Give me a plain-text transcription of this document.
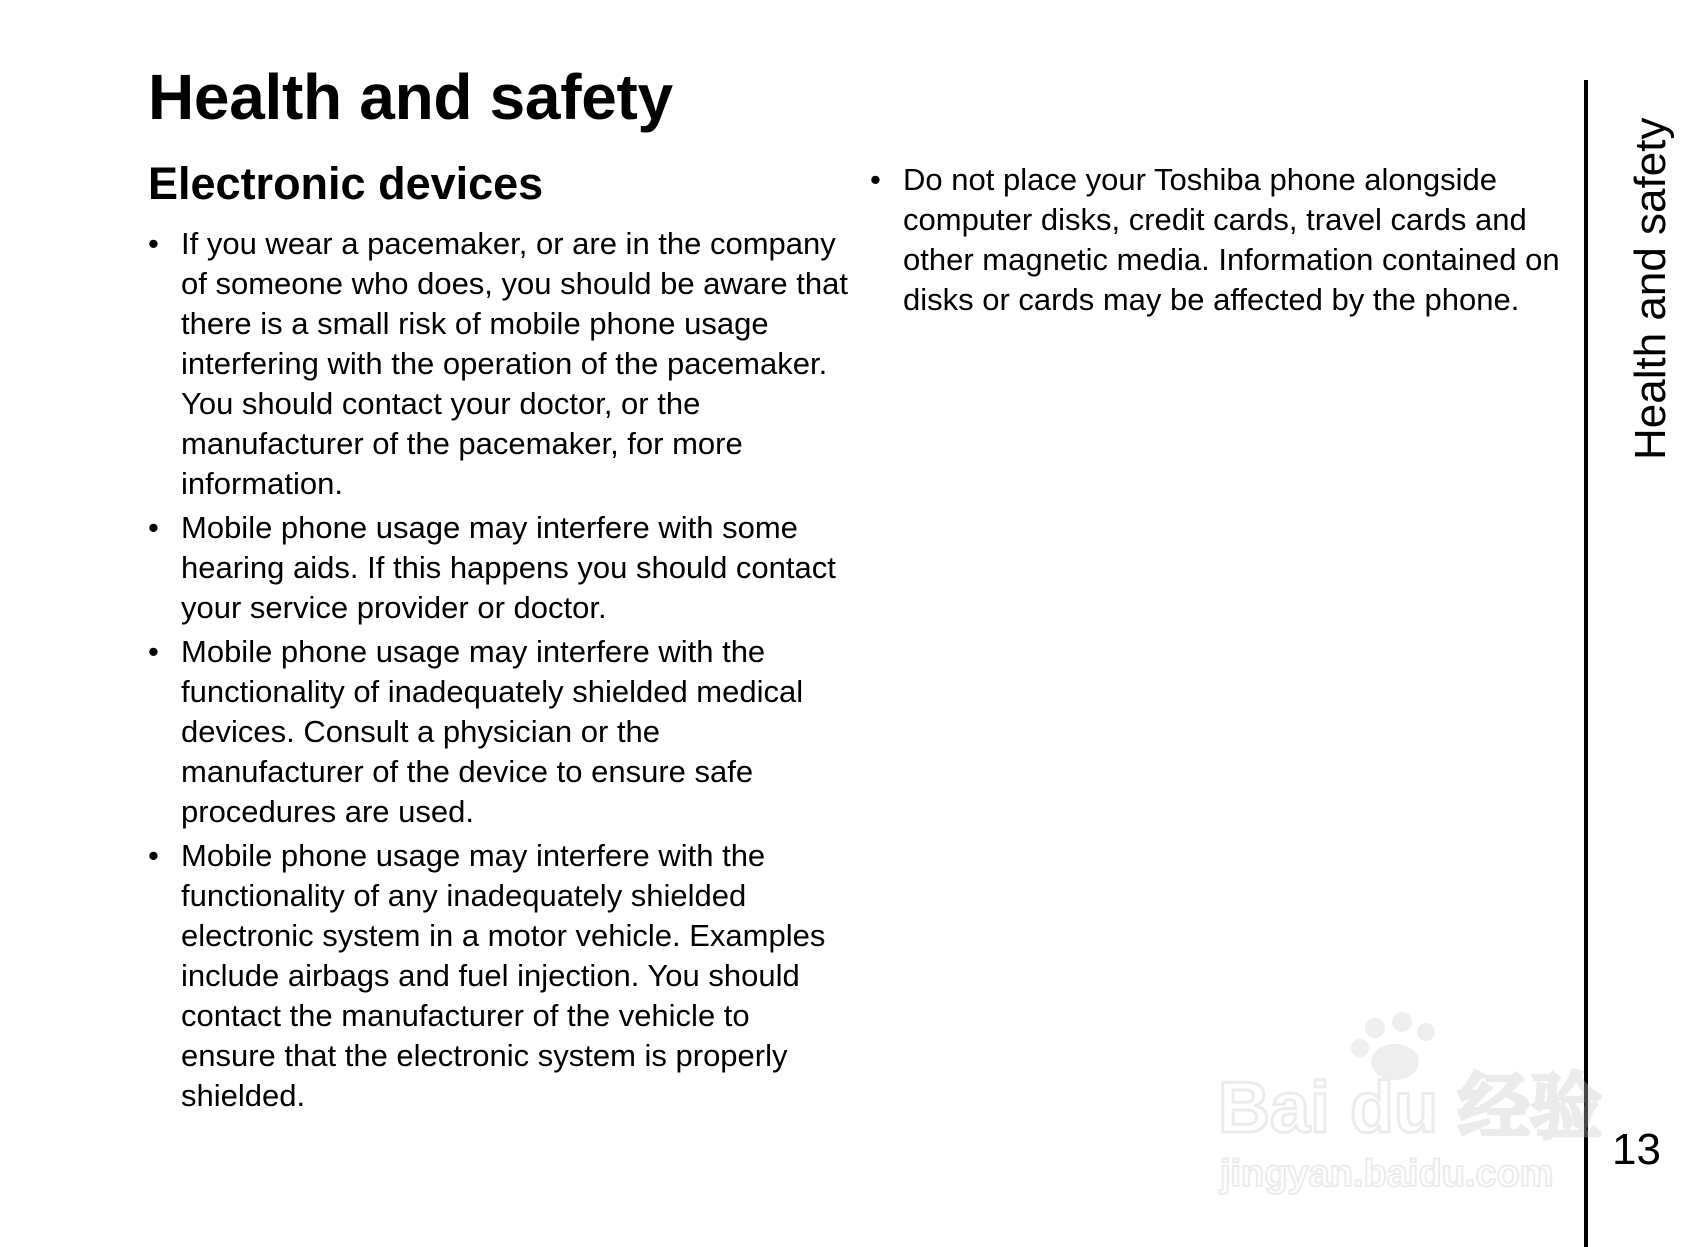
Health and safety
Electronic devices
• If you wear a pacemaker, or are in the company of someone who does, you should be aware that there is a small risk of mobile phone usage interfering with the operation of the pacemaker. You should contact your doctor, or the manufacturer of the pacemaker, for more information.
• Mobile phone usage may interfere with some hearing aids. If this happens you should contact your service provider or doctor.
• Mobile phone usage may interfere with the functionality of inadequately shielded medical devices. Consult a physician or the manufacturer of the device to ensure safe procedures are used.
• Mobile phone usage may interfere with the functionality of any inadequately shielded electronic system in a motor vehicle. Examples include airbags and fuel injection. You should contact the manufacturer of the vehicle to ensure that the electronic system is properly shielded.
• Do not place your Toshiba phone alongside computer disks, credit cards, travel cards and other magnetic media. Information contained on disks or cards may be affected by the phone.	Health and safety
13
Bai du 经验
jingyan.baidu.com
